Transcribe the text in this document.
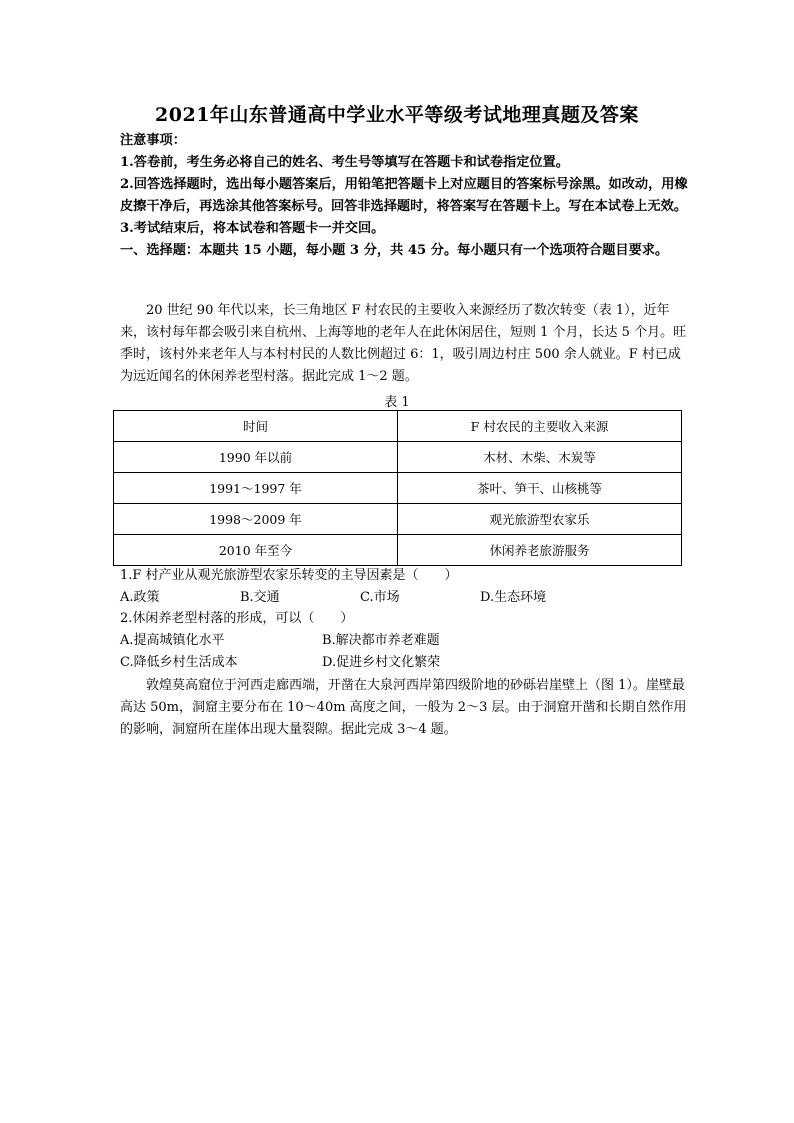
2021年山东普通高中学业水平等级考试地理真题及答案
注意事项：
1.答卷前，考生务必将自己的姓名、考生号等填写在答题卡和试卷指定位置。
2.回答选择题时，选出每小题答案后，用铅笔把答题卡上对应题目的答案标号涂黑。如改动，用橡皮擦干净后，再选涂其他答案标号。回答非选择题时，将答案写在答题卡上。写在本试卷上无效。
3.考试结束后，将本试卷和答题卡一并交回。
一、选择题：本题共 15 小题，每小题 3 分，共 45 分。每小题只有一个选项符合题目要求。

20 世纪 90 年代以来，长三角地区 F 村农民的主要收入来源经历了数次转变（表 1），近年来，该村每年都会吸引来自杭州、上海等地的老年人在此休闲居住，短则 1 个月，长达 5 个月。旺季时，该村外来老年人与本村村民的人数比例超过 6：1，吸引周边村庄 500 余人就业。F 村已成为远近闻名的休闲养老型村落。据此完成 1～2 题。

表 1
时间	F 村农民的主要收入来源
1990 年以前	木材、木柴、木炭等
1991～1997 年	茶叶、笋干、山核桃等
1998～2009 年	观光旅游型农家乐
2010 年至今	休闲养老旅游服务
1.F 村产业从观光旅游型农家乐转变的主导因素是（　　）
A.政策	B.交通	C.市场	D.生态环境
2.休闲养老型村落的形成，可以（　　）
A.提高城镇化水平	B.解决都市养老难题
C.降低乡村生活成本	D.促进乡村文化繁荣

敦煌莫高窟位于河西走廊西端，开凿在大泉河西岸第四级阶地的砂砾岩崖壁上（图 1）。崖壁最高达 50m，洞窟主要分布在 10～40m 高度之间，一般为 2～3 层。由于洞窟开凿和长期自然作用的影响，洞窟所在崖体出现大量裂隙。据此完成 3～4 题。
